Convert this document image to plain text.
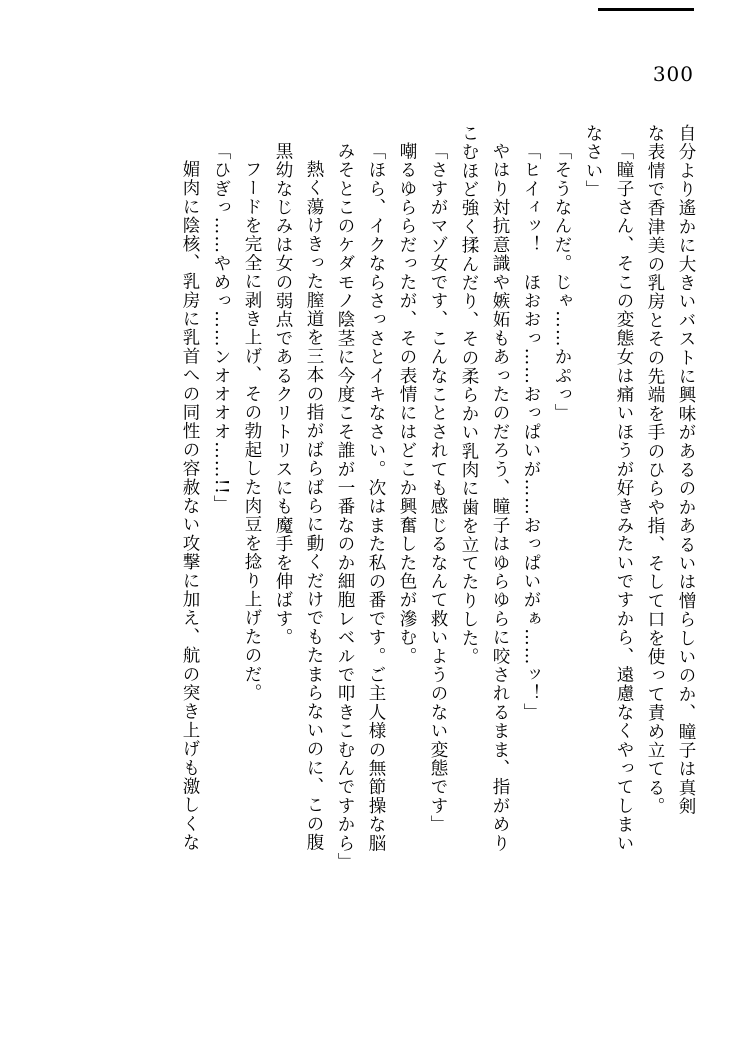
300
自分より遙かに大きいバストに興味があるのかあるいは憎らしいのか、瞳子は真剣
な表情で香津美の乳房とその先端を手のひらや指、そして口を使って責め立てる。
「瞳子さん、そこの変態女は痛いほうが好きみたいですから、遠慮なくやってしまい
なさい」
「そうなんだ。じゃ……かぷっ」
「ヒイィッ！　ほおおっ……おっぱいが……おっぱいがぁ……ッ！」
やはり対抗意識や嫉妬もあったのだろう、瞳子はゆらゆらに咬されるまま、指がめり
こむほど強く揉んだり、その柔らかい乳肉に歯を立てたりした。
「さすがマゾ女です、こんなことされても感じるなんて救いようのない変態です」
嘲るゆららだったが、その表情にはどこか興奮した色が滲む。
「ほら、イクならさっさとイキなさい。次はまた私の番です。ご主人様の無節操な脳
みそとこのケダモノ陰茎に今度こそ誰が一番なのか細胞レベルで叩きこむんですから」
熱く蕩けきった膣道を三本の指がばらばらに動くだけでもたまらないのに、この腹
黒幼なじみは女の弱点であるクリトリスにも魔手を伸ばす。
フードを完全に剥き上げ、その勃起した肉豆を捻り上げたのだ。
「ひぎっ……やめっ……ンオオオオ……!!」
媚肉に陰核、乳房に乳首への同性の容赦ない攻撃に加え、航の突き上げも激しくな
